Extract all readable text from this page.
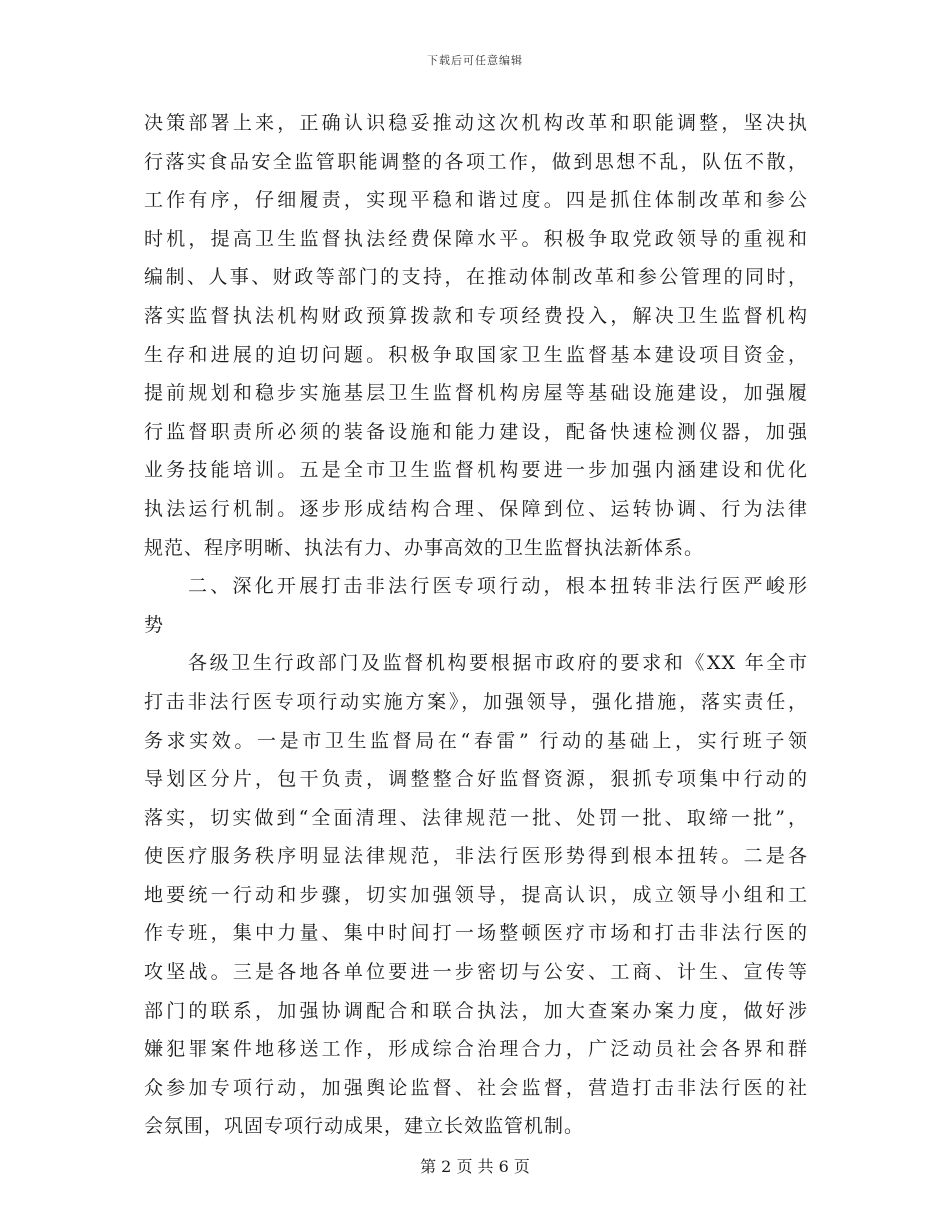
下载后可任意编辑
决策部署上来，正确认识稳妥推动这次机构改革和职能调整，坚决执
行落实食品安全监管职能调整的各项工作，做到思想不乱，队伍不散，
工作有序，仔细履责，实现平稳和谐过度。四是抓住体制改革和参公
时机，提高卫生监督执法经费保障水平。积极争取党政领导的重视和
编制、人事、财政等部门的支持，在推动体制改革和参公管理的同时，
落实监督执法机构财政预算拨款和专项经费投入，解决卫生监督机构
生存和进展的迫切问题。积极争取国家卫生监督基本建设项目资金，
提前规划和稳步实施基层卫生监督机构房屋等基础设施建设，加强履
行监督职责所必须的装备设施和能力建设，配备快速检测仪器，加强
业务技能培训。五是全市卫生监督机构要进一步加强内涵建设和优化
执法运行机制。逐步形成结构合理、保障到位、运转协调、行为法律
规范、程序明晰、执法有力、办事高效的卫生监督执法新体系。
二、深化开展打击非法行医专项行动，根本扭转非法行医严峻形
势
各级卫生行政部门及监督机构要根据市政府的要求和《XX 年全市
打击非法行医专项行动实施方案》，加强领导，强化措施，落实责任，
务求实效。一是市卫生监督局在“春雷” 行动的基础上，实行班子领
导划区分片，包干负责，调整整合好监督资源，狠抓专项集中行动的
落实，切实做到“全面清理、法律规范一批、处罚一批、取缔一批”，
使医疗服务秩序明显法律规范，非法行医形势得到根本扭转。二是各
地要统一行动和步骤，切实加强领导，提高认识，成立领导小组和工
作专班，集中力量、集中时间打一场整顿医疗市场和打击非法行医的
攻坚战。三是各地各单位要进一步密切与公安、工商、计生、宣传等
部门的联系，加强协调配合和联合执法，加大查案办案力度，做好涉
嫌犯罪案件地移送工作，形成综合治理合力，广泛动员社会各界和群
众参加专项行动，加强舆论监督、社会监督，营造打击非法行医的社
会氛围，巩固专项行动成果，建立长效监管机制。
第 2 页 共 6 页
